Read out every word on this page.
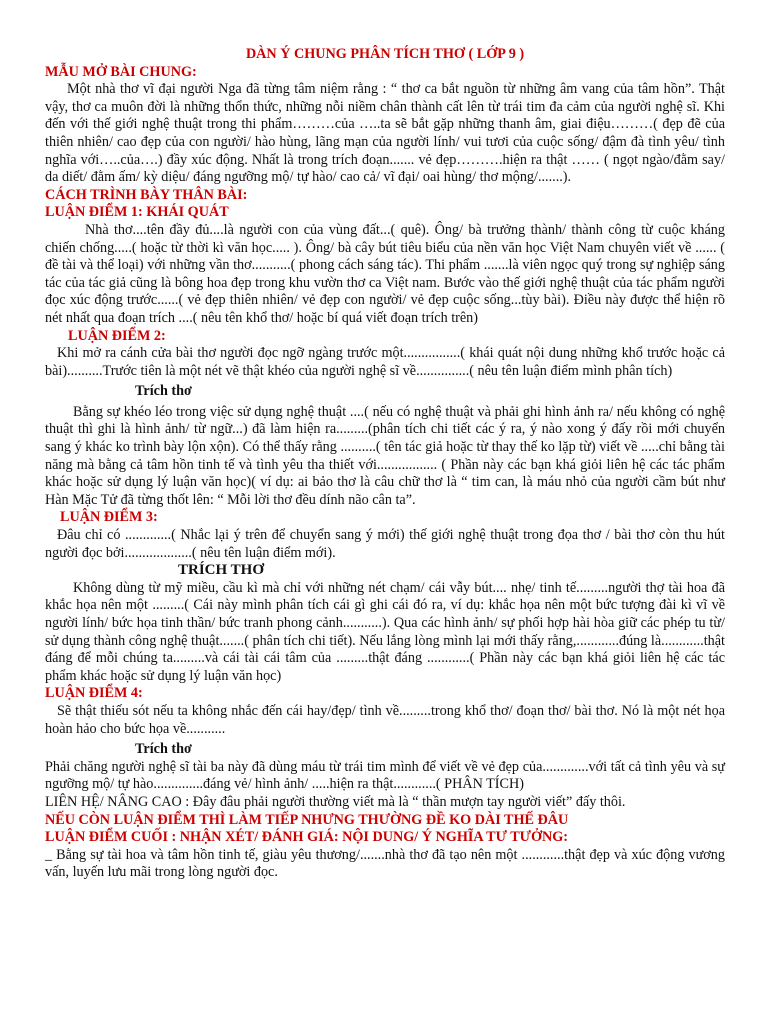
DÀN Ý CHUNG PHÂN TÍCH THƠ ( LỚP 9 )

MẪU MỞ BÀI CHUNG:

Một nhà thơ vĩ đại người Nga đã từng tâm niệm rằng : “ thơ ca bắt nguồn từ những âm vang của tâm hồn”. Thật vậy, thơ ca muôn đời là những thổn thức, những nỗi niềm chân thành cất lên từ trái tim đa cảm của người nghệ sĩ. Khi đến với thế giới nghệ thuật trong thi phẩm………của …..ta sẽ bắt gặp những thanh âm, giai điệu………( đẹp đẽ của thiên nhiên/ cao đẹp của con người/ hào hùng, lãng mạn của người lính/ vui tươi của cuộc sống/ đậm đà tình yêu/ tình nghĩa với…..của….) đầy xúc động. Nhất là trong trích đoạn....... vẻ đẹp……….hiện ra thật …… ( ngọt ngào/đằm say/ da diết/ đằm ấm/ kỳ diệu/ đáng ngưỡng mộ/ tự hào/ cao cả/ vĩ đại/ oai hùng/ thơ mộng/.......).

CÁCH TRÌNH BÀY THÂN BÀI:

LUẬN ĐIỂM 1: KHÁI QUÁT

Nhà thơ....tên đầy đủ....là người con của vùng đất...( quê). Ông/ bà trưởng thành/ thành công từ cuộc kháng chiến chống.....( hoặc từ thời kì văn học..... ). Ông/ bà cây bút tiêu biểu của nền văn học Việt Nam chuyên viết về ...... ( đề tài và thể loại) với những vần thơ...........( phong cách sáng tác). Thi phẩm .......là viên ngọc quý trong sự nghiệp sáng tác của tác giả cũng là bông hoa đẹp trong khu vườn thơ ca Việt nam. Bước vào thế giới nghệ thuật của tác phẩm người đọc xúc động trước......( vẻ đẹp thiên nhiên/ vẻ đẹp con người/ vẻ đẹp cuộc sống...tùy bài). Điều này được thể hiện rõ nét nhất qua đoạn trích ....( nêu tên khổ thơ/ hoặc bí quá viết đoạn trích trên)

LUẬN ĐIỂM 2:

Khi mở ra cánh cửa bài thơ người đọc ngỡ ngàng trước một................( khái quát nội dung những khổ trước hoặc cả bài)..........Trước tiên là một nét vẽ thật khéo của người nghệ sĩ về...............( nêu tên luận điểm mình phân tích)

Trích thơ

Bằng sự khéo léo trong việc sử dụng nghệ thuật ....( nếu có nghệ thuật và phải ghi hình ảnh ra/ nếu không có nghệ thuật thì ghi là hình ảnh/ từ ngữ...) đã làm hiện ra.........(phân tích chi tiết các ý ra, ý nào xong ý đấy rồi mới chuyển sang ý khác ko trình bày lộn xộn). Có thể thấy rằng ..........( tên tác giả hoặc từ thay thế ko lặp từ) viết về .....chỉ bằng tài năng mà bằng cả tâm hồn tinh tế và tình yêu tha thiết với................. ( Phần này các bạn khá giỏi liên hệ các tác phẩm khác hoặc sử dụng lý luận văn học)( ví dụ: ai bảo thơ là câu chữ thơ là “ tim can, là máu nhỏ của người cầm bút như Hàn Mặc Tử đã từng thốt lên: “ Mỗi lời thơ đều dính não cân ta”.

LUẬN ĐIỂM 3:

Đâu chỉ có .............( Nhắc lại ý trên để chuyển sang ý mới) thế giới nghệ thuật trong đọa thơ / bài thơ còn thu hút người đọc bởi...................( nêu tên luận điểm mới).

TRÍCH THƠ

Không dùng từ mỹ miều, cầu kì mà chỉ với những nét chạm/ cái vẫy bút.... nhẹ/ tinh tế.........người thợ tài hoa đã khắc họa nên một .........( Cái này mình phân tích cái gì ghi cái đó ra, ví dụ: khắc họa nên một bức tượng đài kì vĩ về người lính/ bức họa tinh thần/ bức tranh phong cảnh...........). Qua các hình ảnh/ sự phối hợp hài hòa giữ các phép tu từ/ sử dụng thành công nghệ thuật.......( phân tích chi tiết). Nếu lắng lòng mình lại mới thấy rằng,............đúng là............thật đáng để mỗi chúng ta.........và cái tài cái tâm của .........thật đáng ............( Phần này các bạn khá giỏi liên hệ các tác phẩm khác hoặc sử dụng lý luận văn học)

LUẬN ĐIỂM 4:

Sẽ thật thiếu sót nếu ta không nhắc đến cái hay/đẹp/ tình về.........trong khổ thơ/ đoạn thơ/ bài thơ. Nó là một nét họa hoàn hảo cho bức họa về...........

Trích thơ

Phải chăng người nghệ sĩ tài ba này đã dùng máu từ trái tim mình để viết về vẻ đẹp của.............với tất cả tình yêu và sự ngưỡng mộ/ tự hào..............đáng vẻ/ hình ảnh/ .....hiện ra thật............( PHÂN TÍCH)

LIÊN HỆ/ NÂNG CAO : Đây đâu phải người thường viết mà là “ thần mượn tay người viết” đấy thôi.

NẾU CÒN LUẬN ĐIỂM THÌ LÀM TIẾP NHƯNG THƯỜNG ĐỀ KO DÀI THẾ ĐÂU

LUẬN ĐIỂM CUỐI : NHẬN XÉT/ ĐÁNH GIÁ: NỘI DUNG/ Ý NGHĨA TƯ TƯỞNG:

_ Bằng sự tài hoa và tâm hồn tinh tế, giàu yêu thương/.......nhà thơ đã tạo nên một ............thật đẹp và xúc động vương vấn, luyến lưu mãi trong lòng người đọc.
